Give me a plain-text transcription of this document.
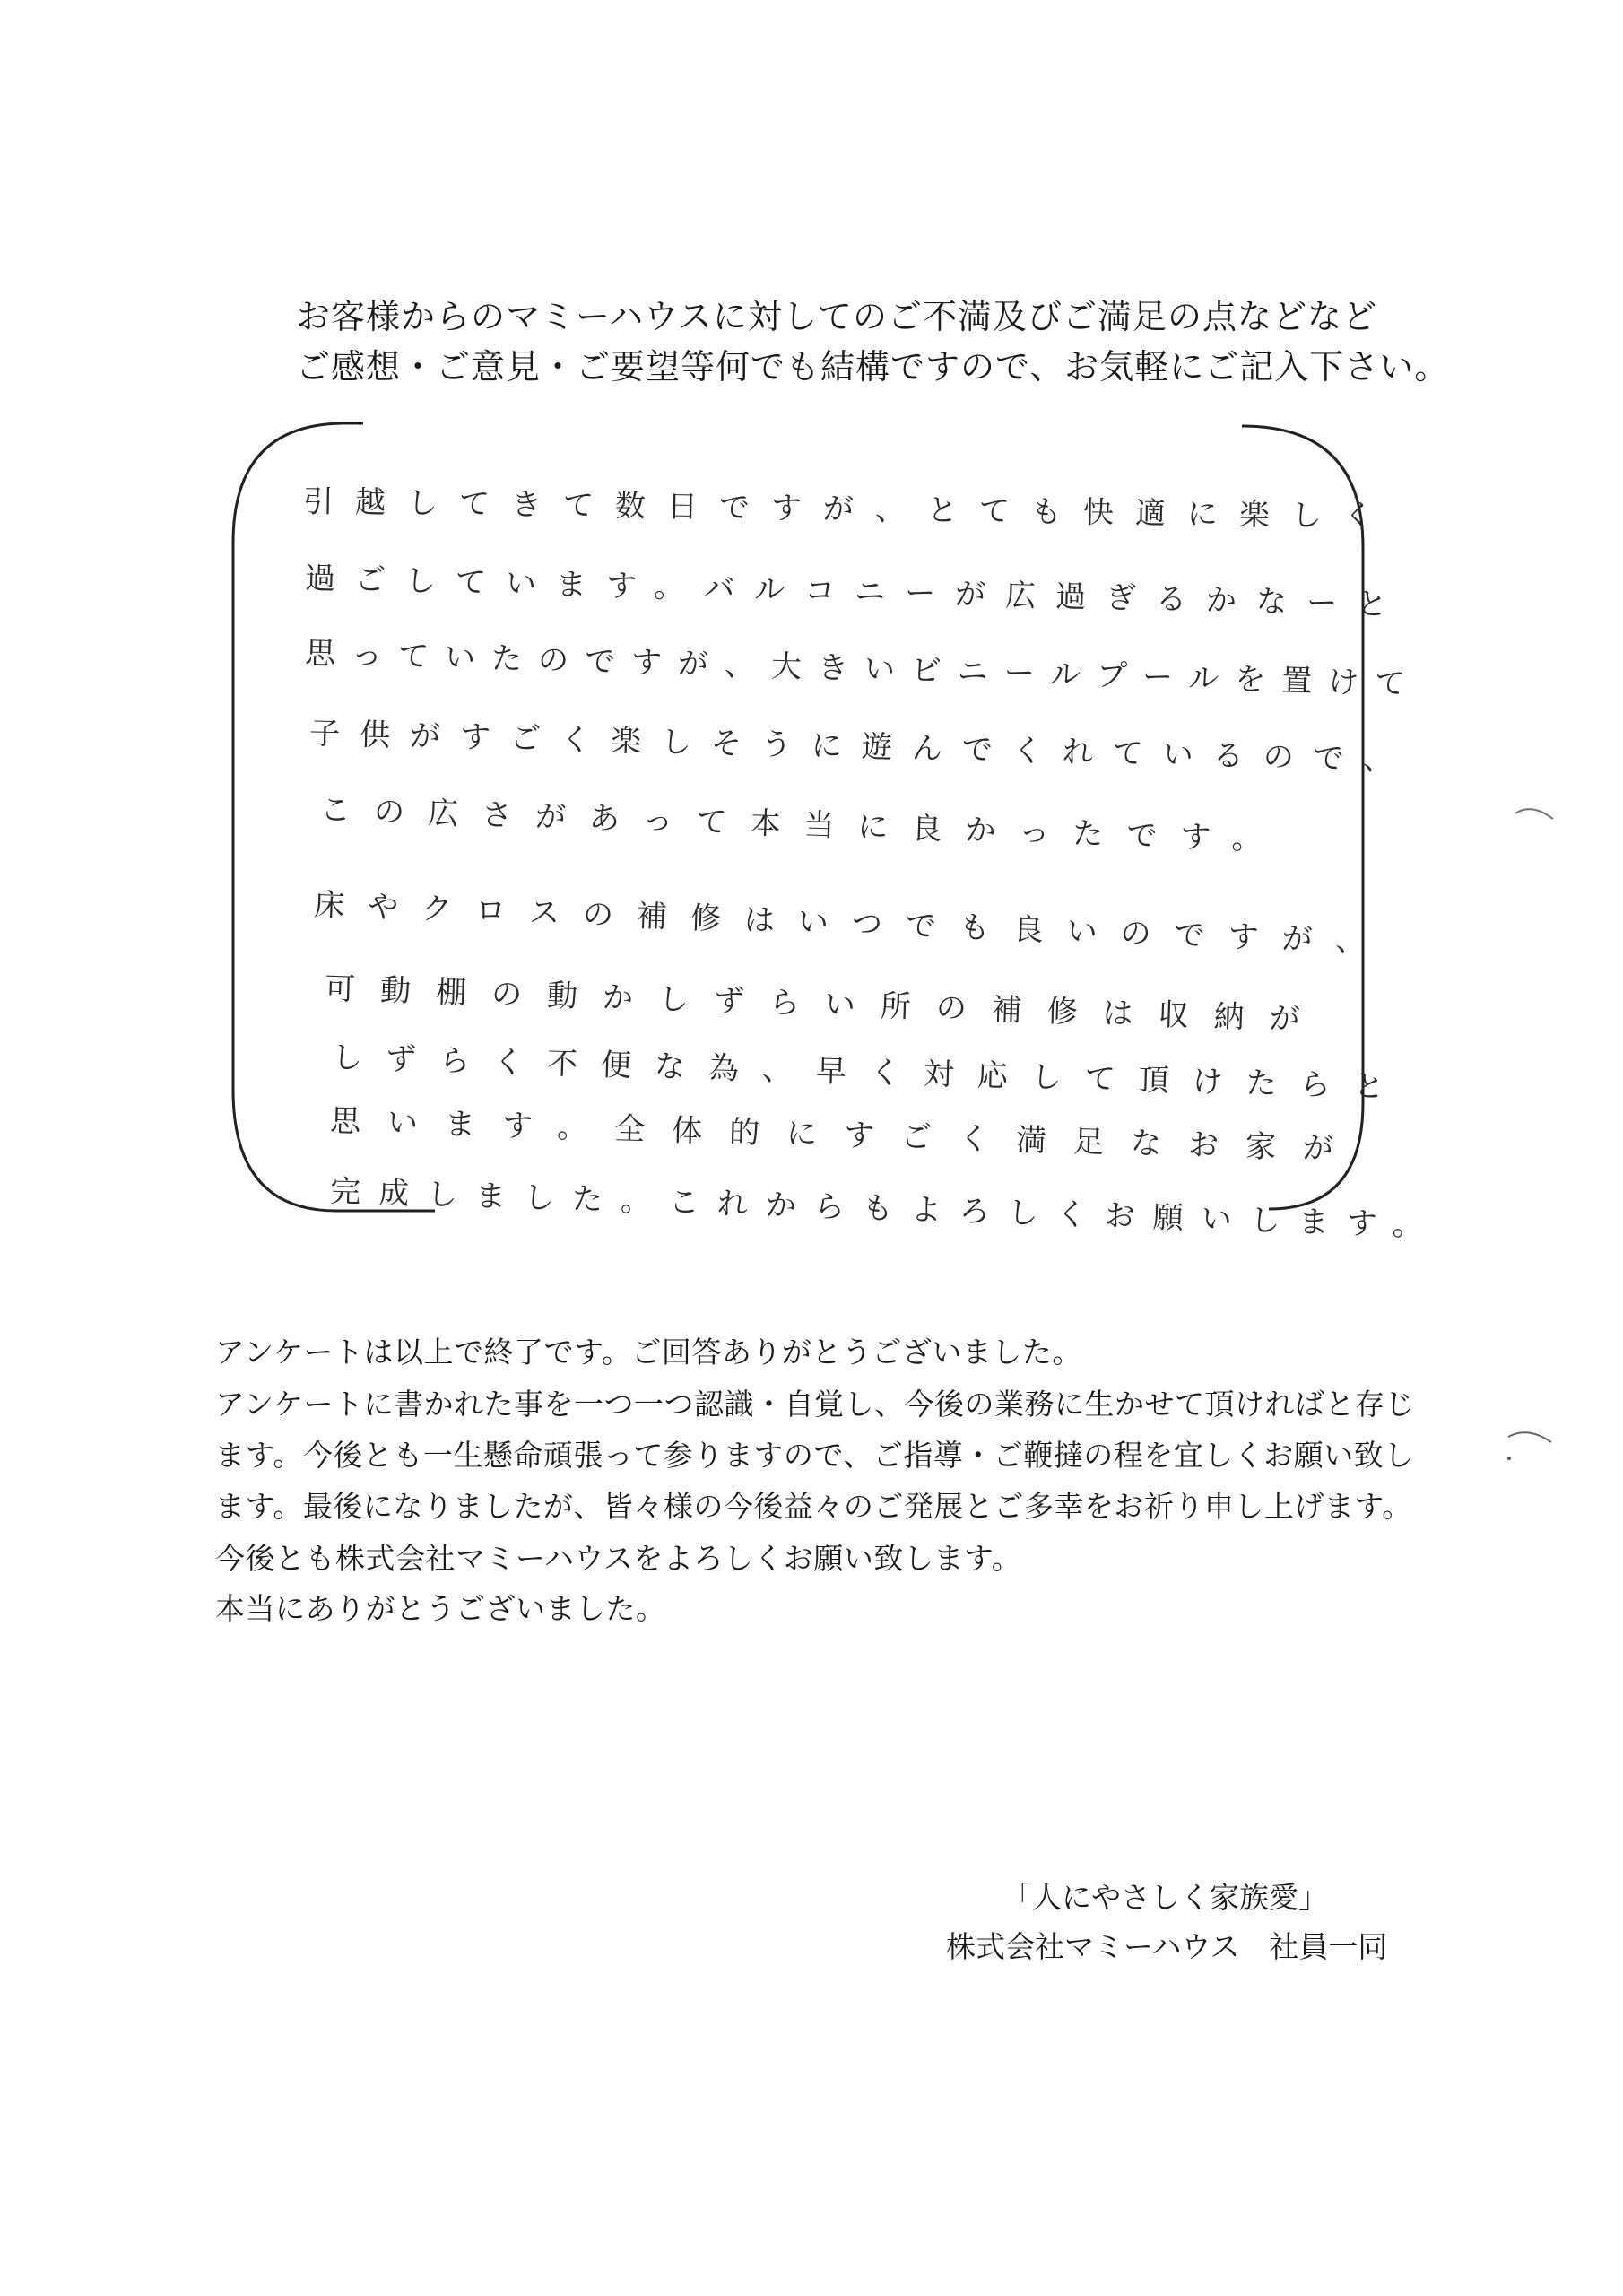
お客様からのマミーハウスに対してのご不満及びご満足の点などなど
ご感想・ご意見・ご要望等何でも結構ですので、お気軽にご記入下さい。
引越してきて数日ですが、とても快適に楽しく
過ごしています。バルコニーが広過ぎるかなーと
思っていたのですが、大きいビニールプールを置けて
子供がすごく楽しそうに遊んでくれているので、
この広さがあって本当に良かったです。
床やクロスの補修はいつでも良いのですが、
可動棚の動かしずらい所の補修は収納が
しずらく不便な為、早く対応して頂けたらと
思います。全体的にすごく満足なお家が
完成しました。これからもよろしくお願いします。
アンケートは以上で終了です。ご回答ありがとうございました。
アンケートに書かれた事を一つ一つ認識・自覚し、今後の業務に生かせて頂ければと存じ
ます。今後とも一生懸命頑張って参りますので、ご指導・ご鞭撻の程を宜しくお願い致し
ます。最後になりましたが、皆々様の今後益々のご発展とご多幸をお祈り申し上げます。
今後とも株式会社マミーハウスをよろしくお願い致します。
本当にありがとうございました。
「人にやさしく家族愛」
株式会社マミーハウス　社員一同
